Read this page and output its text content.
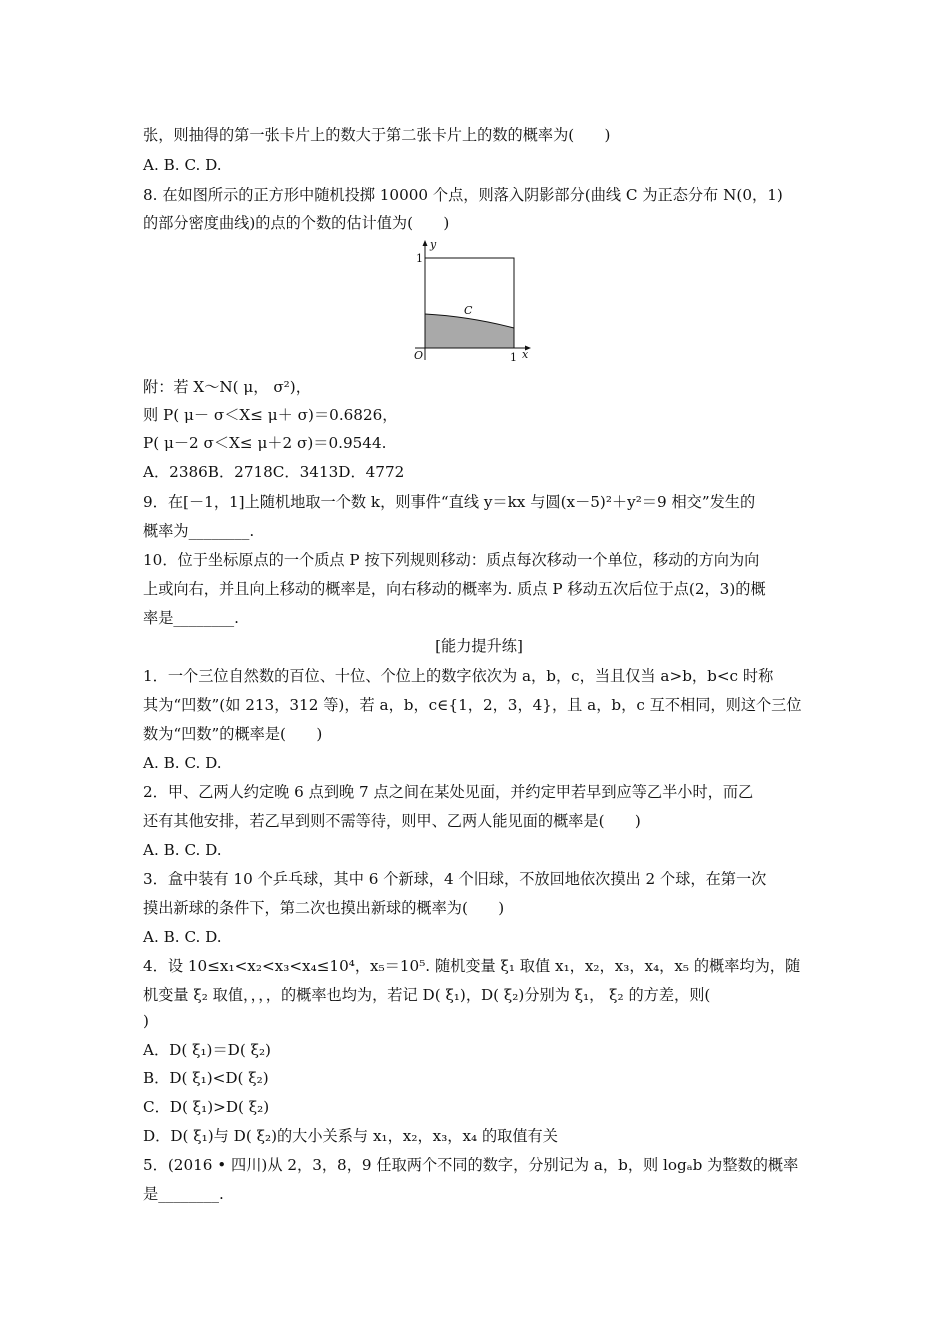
张，则抽得的第一张卡片上的数大于第二张卡片上的数的概率为(　　)
A. B. C. D.
8. 在如图所示的正方形中随机投掷 10000 个点，则落入阴影部分(曲线 C 为正态分布 N(0，1)
的部分密度曲线)的点的个数的估计值为(　　)
y
x
O
1
1
C
附：若 X～N( μ， σ²)，
则 P( μ－ σ＜X≤ μ＋ σ)＝0.6826，
P( μ－2 σ＜X≤ μ＋2 σ)＝0.9544.
A．2386B．2718C．3413D．4772
9．在[－1，1]上随机地取一个数 k，则事件“直线 y＝kx 与圆(x－5)²＋y²＝9 相交”发生的
概率为________.
10．位于坐标原点的一个质点 P 按下列规则移动：质点每次移动一个单位，移动的方向为向
上或向右，并且向上移动的概率是，向右移动的概率为. 质点 P 移动五次后位于点(2，3)的概
率是________.
[能力提升练]
1．一个三位自然数的百位、十位、个位上的数字依次为 a，b，c，当且仅当 a>b，b<c 时称
其为“凹数”(如 213，312 等)，若 a，b，c∈{1，2，3，4}，且 a，b，c 互不相同，则这个三位
数为“凹数”的概率是(　　)
A. B. C. D.
2．甲、乙两人约定晚 6 点到晚 7 点之间在某处见面，并约定甲若早到应等乙半小时，而乙
还有其他安排，若乙早到则不需等待，则甲、乙两人能见面的概率是(　　)
A. B. C. D.
3．盒中装有 10 个乒乓球，其中 6 个新球，4 个旧球，不放回地依次摸出 2 个球，在第一次
摸出新球的条件下，第二次也摸出新球的概率为(　　)
A. B. C. D.
4．设 10≤x₁<x₂<x₃<x₄≤10⁴，x₅＝10⁵. 随机变量 ξ₁ 取值 x₁，x₂，x₃，x₄，x₅ 的概率均为，随
机变量 ξ₂ 取值，，，，的概率也均为，若记 D( ξ₁)，D( ξ₂)分别为 ξ₁， ξ₂ 的方差，则(
)
A．D( ξ₁)＝D( ξ₂)
B．D( ξ₁)<D( ξ₂)
C．D( ξ₁)>D( ξ₂)
D．D( ξ₁)与 D( ξ₂)的大小关系与 x₁，x₂，x₃，x₄ 的取值有关
5．(2016 • 四川)从 2，3，8，9 任取两个不同的数字，分别记为 a，b，则 logₐb 为整数的概率
是________.
